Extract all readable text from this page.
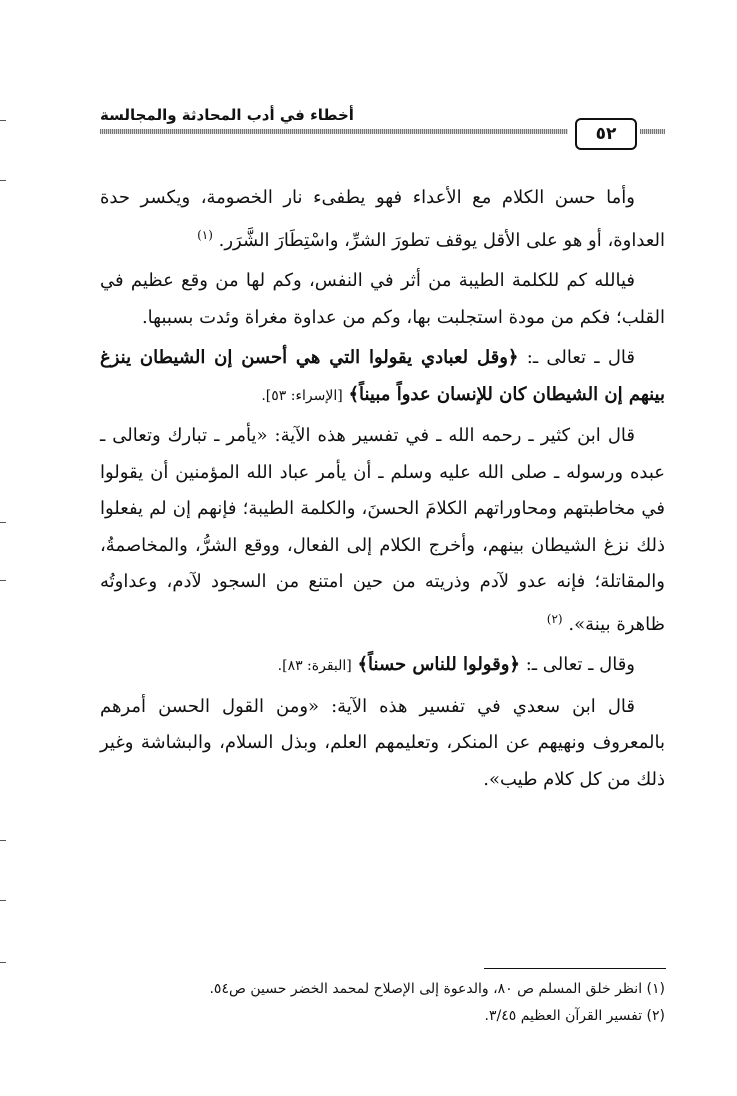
أخطاء في أدب المحادثة والمجالسة
٥٢

وأما حسن الكلام مع الأعداء فهو يطفىء نار الخصومة، ويكسر حدة العداوة، أو هو على الأقل يوقف تطورَ الشرِّ، واسْتِطَارَ الشَّرَر. $^{(١)}$

فيالله كم للكلمة الطيبة من أثر في النفس، وكم لها من وقع عظيم في القلب؛ فكم من مودة استجلبت بها، وكم من عداوة مغراة وئدت بسببها.

قال ـ تعالى ـ: ﴿وقل لعبادي يقولوا التي هي أحسن إن الشيطان ينزغ بينهم إن الشيطان كان للإنسان عدواً مبيناً﴾ [الإسراء: ٥٣].

قال ابن كثير ـ رحمه الله ـ في تفسير هذه الآية: «يأمر ـ تبارك وتعالى ـ عبده ورسوله ـ صلى الله عليه وسلم ـ أن يأمر عباد الله المؤمنين أن يقولوا في مخاطبتهم ومحاوراتهم الكلامَ الحسنَ، والكلمة الطيبة؛ فإنهم إن لم يفعلوا ذلك نزغ الشيطان بينهم، وأخرج الكلام إلى الفعال، ووقع الشرُّ، والمخاصمةُ، والمقاتلة؛ فإنه عدو لآدم وذريته من حين امتنع من السجود لآدم، وعداوتُه ظاهرة بينة». $^{(٢)}$

وقال ـ تعالى ـ: ﴿وقولوا للناس حسناً﴾ [البقرة: ٨٣].

قال ابن سعدي في تفسير هذه الآية: «ومن القول الحسن أمرهم بالمعروف ونهيهم عن المنكر، وتعليمهم العلم، وبذل السلام، والبشاشة وغير ذلك من كل كلام طيب».

(١) انظر خلق المسلم ص ٨٠، والدعوة إلى الإصلاح لمحمد الخضر حسين ص٥٤.
(٢) تفسير القرآن العظيم ٣/٤٥.
